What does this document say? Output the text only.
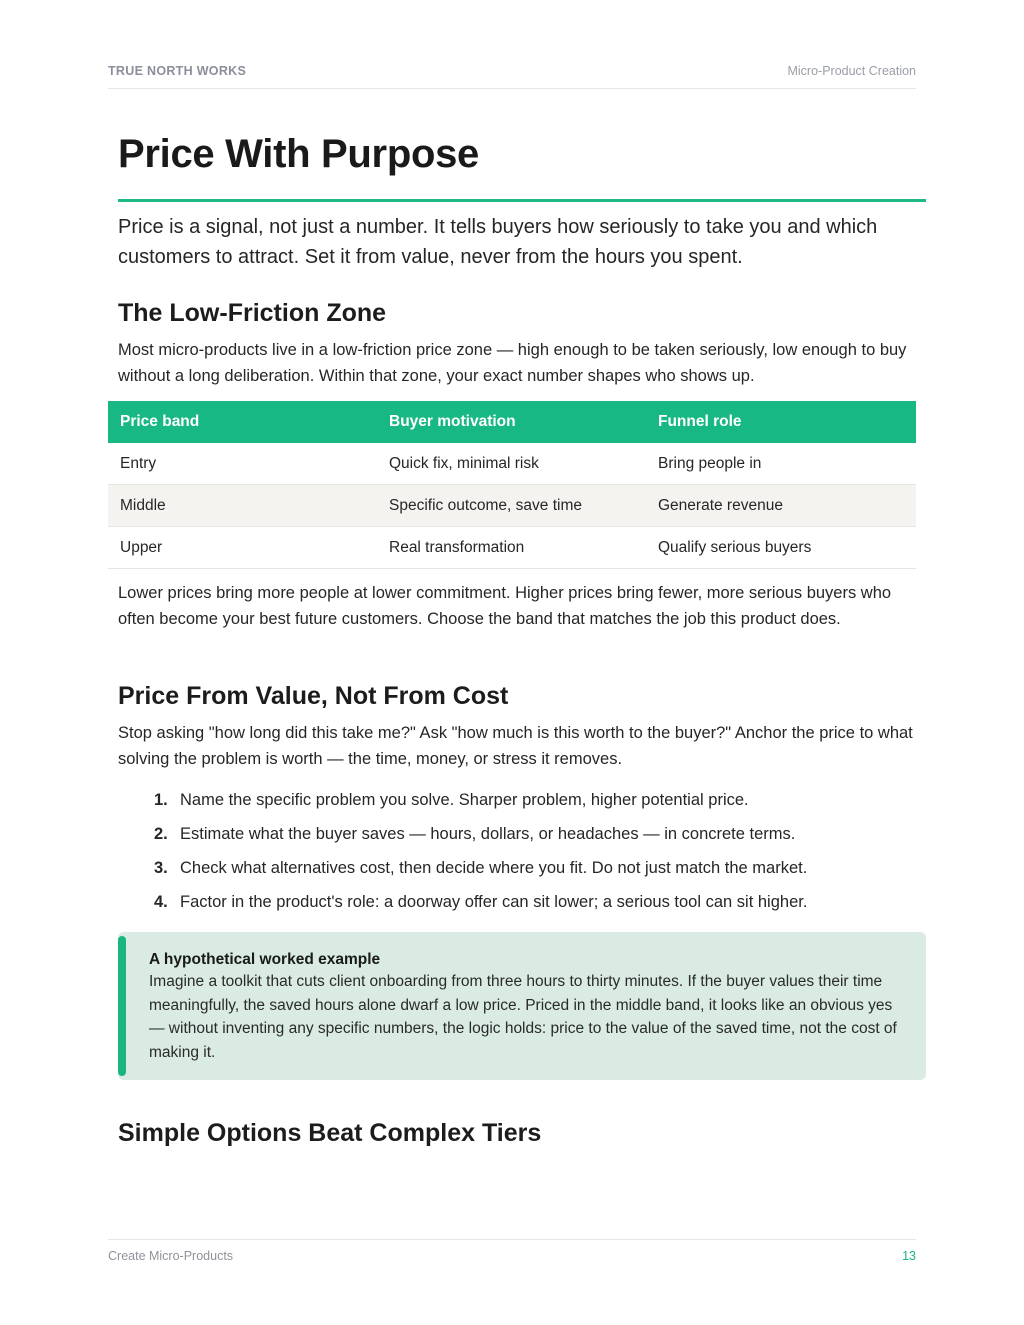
TRUE NORTH WORKS	Micro-Product Creation
Price With Purpose

Price is a signal, not just a number. It tells buyers how seriously to take you and which customers to attract. Set it from value, never from the hours you spent.

The Low-Friction Zone

Most micro-products live in a low-friction price zone — high enough to be taken seriously, low enough to buy without a long deliberation. Within that zone, your exact number shapes who shows up.

Price band	Buyer motivation	Funnel role
Entry	Quick fix, minimal risk	Bring people in
Middle	Specific outcome, save time	Generate revenue
Upper	Real transformation	Qualify serious buyers

Lower prices bring more people at lower commitment. Higher prices bring fewer, more serious buyers who often become your best future customers. Choose the band that matches the job this product does.

Price From Value, Not From Cost

Stop asking "how long did this take me?" Ask "how much is this worth to the buyer?" Anchor the price to what solving the problem is worth — the time, money, or stress it removes.

1. Name the specific problem you solve. Sharper problem, higher potential price.
2. Estimate what the buyer saves — hours, dollars, or headaches — in concrete terms.
3. Check what alternatives cost, then decide where you fit. Do not just match the market.
4. Factor in the product's role: a doorway offer can sit lower; a serious tool can sit higher.
A hypothetical worked example
Imagine a toolkit that cuts client onboarding from three hours to thirty minutes. If the buyer values their time meaningfully, the saved hours alone dwarf a low price. Priced in the middle band, it looks like an obvious yes — without inventing any specific numbers, the logic holds: price to the value of the saved time, not the cost of making it.
Simple Options Beat Complex Tiers
Create Micro-Products	13
